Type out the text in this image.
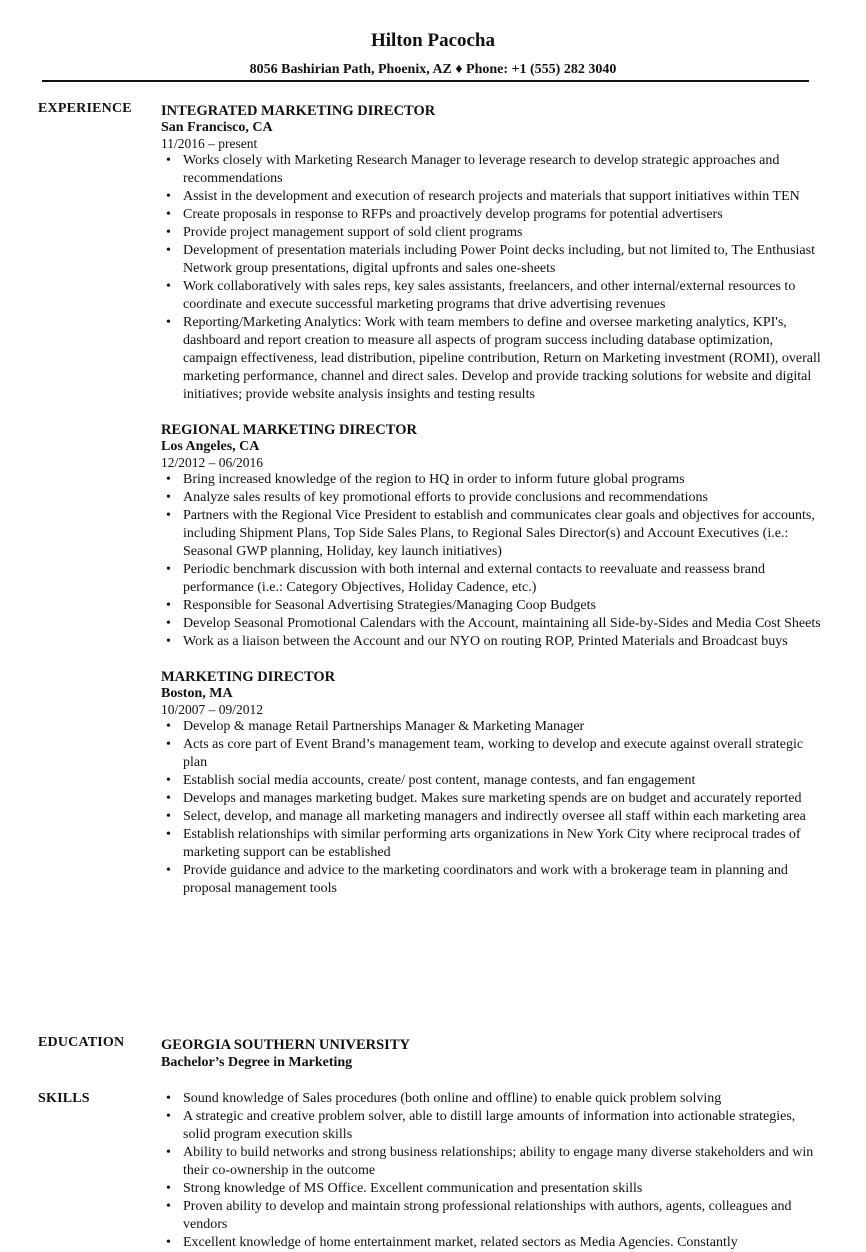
Hilton Pacocha

8056 Bashirian Path, Phoenix, AZ ♦ Phone: +1 (555) 282 3040

EXPERIENCE INTEGRATED MARKETING DIRECTOR

San Francisco, CA

11/2016 – present

• Works closely with Marketing Research Manager to leverage research to develop strategic approaches and recommendations
• Assist in the development and execution of research projects and materials that support initiatives within TEN
• Create proposals in response to RFPs and proactively develop programs for potential advertisers
• Provide project management support of sold client programs
• Development of presentation materials including Power Point decks including, but not limited to, The Enthusiast Network group presentations, digital upfronts and sales one-sheets
• Work collaboratively with sales reps, key sales assistants, freelancers, and other internal/external resources to coordinate and execute successful marketing programs that drive advertising revenues
• Reporting/Marketing Analytics: Work with team members to define and oversee marketing analytics, KPI's, dashboard and report creation to measure all aspects of program success including database optimization, campaign effectiveness, lead distribution, pipeline contribution, Return on Marketing investment (ROMI), overall marketing performance, channel and direct sales. Develop and provide tracking solutions for website and digital initiatives; provide website analysis insights and testing results

REGIONAL MARKETING DIRECTOR

Los Angeles, CA

12/2012 – 06/2016

• Bring increased knowledge of the region to HQ in order to inform future global programs
• Analyze sales results of key promotional efforts to provide conclusions and recommendations
• Partners with the Regional Vice President to establish and communicates clear goals and objectives for accounts, including Shipment Plans, Top Side Sales Plans, to Regional Sales Director(s) and Account Executives (i.e.: Seasonal GWP planning, Holiday, key launch initiatives)
• Periodic benchmark discussion with both internal and external contacts to reevaluate and reassess brand performance (i.e.: Category Objectives, Holiday Cadence, etc.)
• Responsible for Seasonal Advertising Strategies/Managing Coop Budgets
• Develop Seasonal Promotional Calendars with the Account, maintaining all Side-by-Sides and Media Cost Sheets
• Work as a liaison between the Account and our NYO on routing ROP, Printed Materials and Broadcast buys

MARKETING DIRECTOR

Boston, MA

10/2007 – 09/2012

• Develop & manage Retail Partnerships Manager & Marketing Manager
• Acts as core part of Event Brand’s management team, working to develop and execute against overall strategic plan
• Establish social media accounts, create/ post content, manage contests, and fan engagement
• Develops and manages marketing budget. Makes sure marketing spends are on budget and accurately reported
• Select, develop, and manage all marketing managers and indirectly oversee all staff within each marketing area
• Establish relationships with similar performing arts organizations in New York City where reciprocal trades of marketing support can be established
• Provide guidance and advice to the marketing coordinators and work with a brokerage team in planning and proposal management tools
EDUCATION	GEORGIA SOUTHERN UNIVERSITY

Bachelor’s Degree in Marketing

SKILLS
•	Sound knowledge of Sales procedures (both online and offline) to enable quick problem solving
• A strategic and creative problem solver, able to distill large amounts of information into actionable strategies, solid program execution skills
• Ability to build networks and strong business relationships; ability to engage many diverse stakeholders and win their co-ownership in the outcome
• Strong knowledge of MS Office. Excellent communication and presentation skills
• Proven ability to develop and maintain strong professional relationships with authors, agents, colleagues and vendors
• Excellent knowledge of home entertainment market, related sectors as Media Agencies. Constantly
